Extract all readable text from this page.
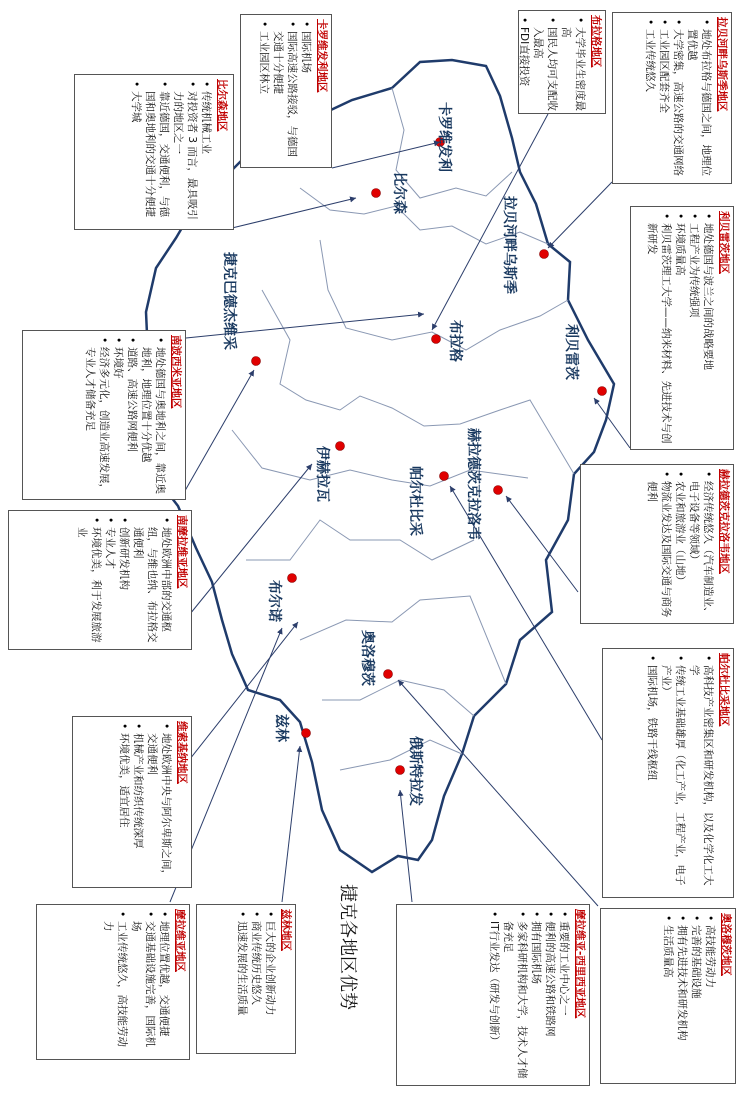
卡罗维发利
比尔森
拉贝河畔乌斯季
利贝雷茨
布拉格
捷克巴德杰维采
赫拉德茨克拉洛韦
帕尔杜比采
伊赫拉瓦
布尔诺
奥洛穆茨
兹林
俄斯特拉发
捷克各地区优势
卡罗维发利地区
• 国际机场
• 国际高速公路接驳，与德国交通十分便捷
• 工业园区林立
比尔森地区
• 传统机械工业
• 对投资者 3 而言，最具吸引力的地区之一
• 靠近德国，交通便利，与德国和奥地利的交通十分便捷
• 大学城
布拉格地区
• 大学毕业生密度最高
• 国民人均可支配收入最高
• FDI直接投资	拉贝河畔乌斯季地区
• 地处布拉格与德国之间，地理位置优越
• 大学密集，高速公路的交通网络
• 工业园区配套齐全
• 工业传统悠久
利贝雷茨地区
• 地处德国与波兰之间的战略要地
• 工程产业为传统强项
• 环境质量高
• 利贝雷茨理工大学——纳米材料、先进技术与创新研发
南波西米亚地区
• 地处德国与奥地利之间，靠近奥地利，地理位置十分优越
• 道路、高速公路网便利
• 环境好
• 经济多元化，创造业高速发展，专业人才储备充足
赫拉德茨克拉洛韦地区
• 经济传统悠久（汽车制造业、电子设备等领域）
• 农业和旅游业（山地）
• 物流业发达及国际交通与商务便利
南摩拉维亚地区
• 地处欧洲中部的交通枢纽，与维也纳、布拉格交通便利
• 创新研发机构
• 专业人才
• 环境优美，利于发展旅游业
帕尔杜比采地区
• 高科技产业密集区和研发机构，以及化学化工大学
• 传统工业基础雄厚（化工产业，工程产业，电子产业）
• 国际机场，铁路干线枢纽
维索基纳地区
• 地处欧洲中央与阿尔卑斯之间，交通便利
• 机械产业和纺织传统深厚
• 环境优美，适宜居住
摩拉维亚地区
• 地理位置优越，交通便捷
• 交通基础设施完善，国际机场
• 工业传统悠久，高技能劳动力	兹林地区
• 巨大的企业创新动力
• 商业传统历史悠久
• 迅速发展的生活质量	摩拉维亚-西里西亚地区
• 重要的工业中心之一
• 便利的高速公路和铁路网
• 拥有国际机场
• 多家科研机构和大学，技术人才储备充足
• IT行业发达（研发与创新）	奥洛穆茨地区
• 高技能劳动力
• 完善的基础设施
• 拥有先进技术和研发机构
• 生活质量高
